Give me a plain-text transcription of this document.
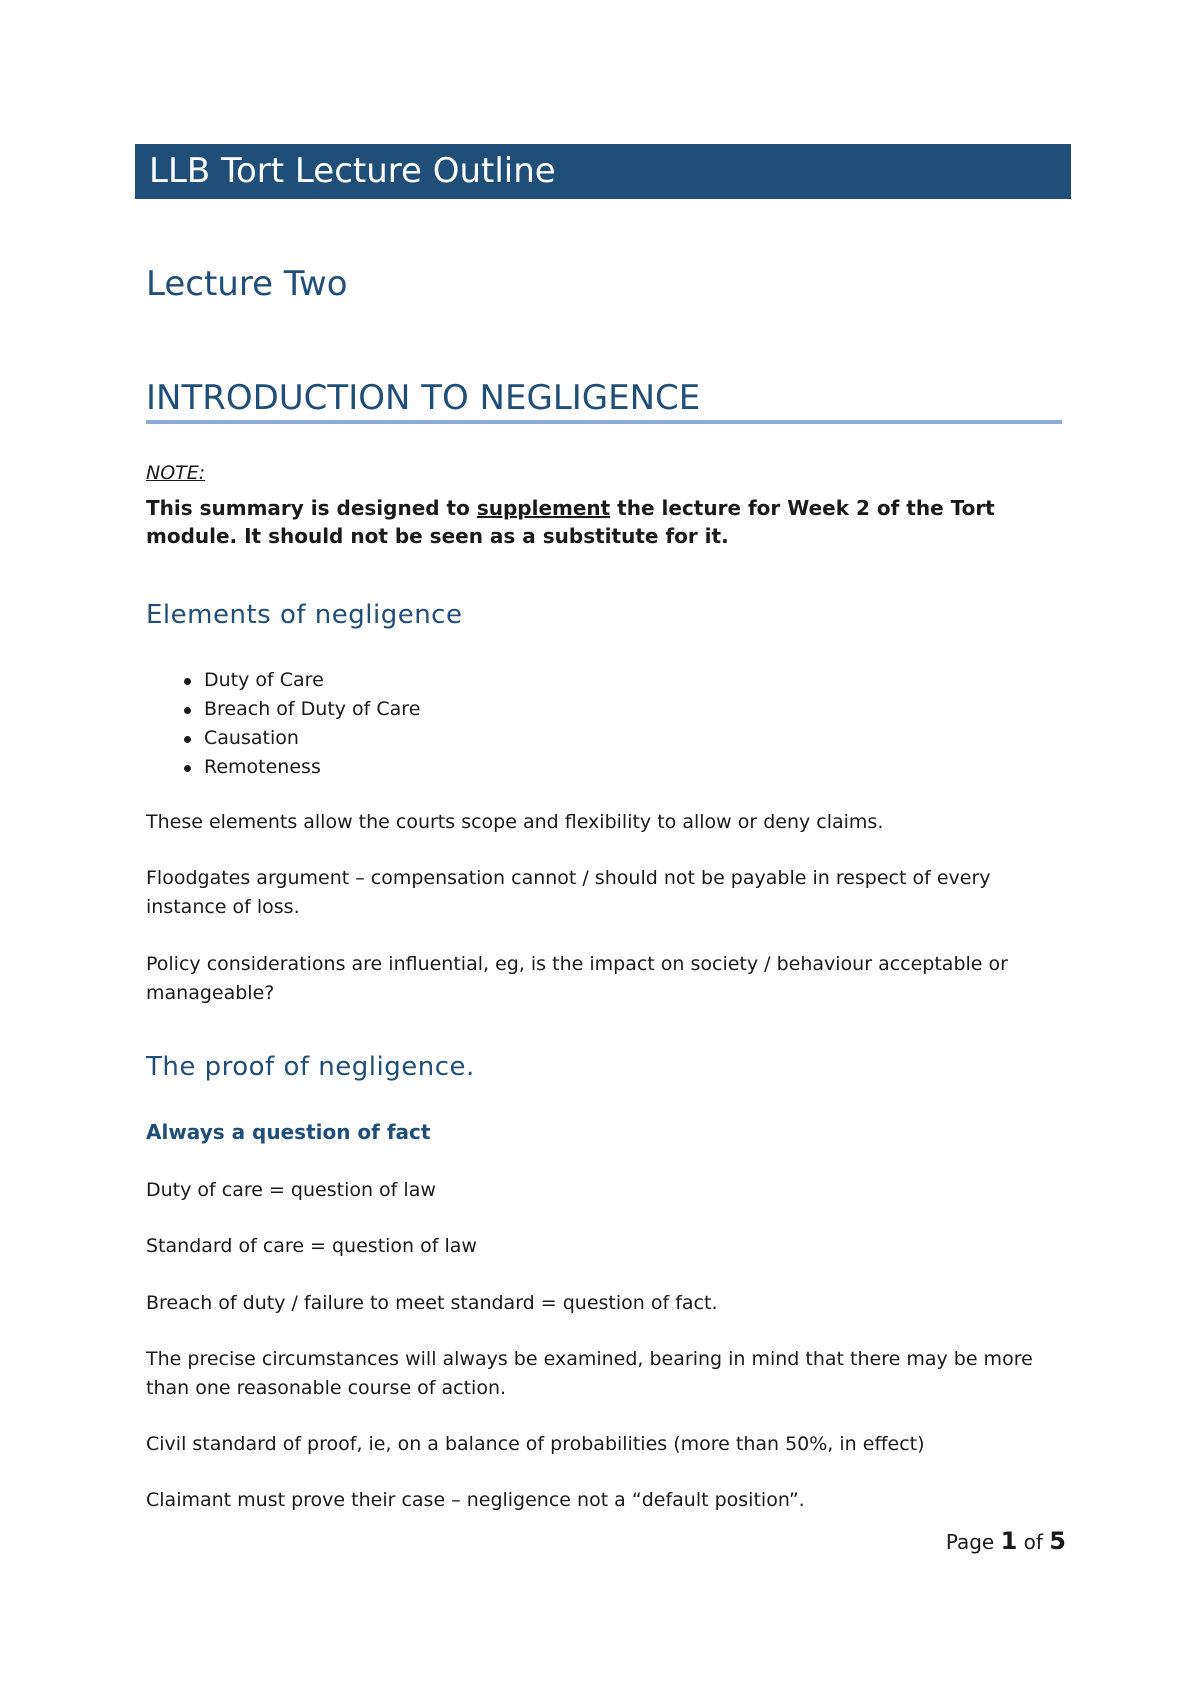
LLB Tort Lecture Outline
Lecture Two
INTRODUCTION TO NEGLIGENCE
NOTE:
This summary is designed to supplement the lecture for Week 2 of the Tort module. It should not be seen as a substitute for it.
Elements of negligence
Duty of Care
Breach of Duty of Care
Causation
Remoteness
These elements allow the courts scope and flexibility to allow or deny claims.
Floodgates argument – compensation cannot / should not be payable in respect of every instance of loss.
Policy considerations are influential, eg, is the impact on society / behaviour acceptable or manageable?
The proof of negligence.
Always a question of fact
Duty of care = question of law
Standard of care = question of law
Breach of duty / failure to meet standard = question of fact.
The precise circumstances will always be examined, bearing in mind that there may be more than one reasonable course of action.
Civil standard of proof, ie, on a balance of probabilities (more than 50%, in effect)
Claimant must prove their case – negligence not a “default position”.
Page 1 of 5
